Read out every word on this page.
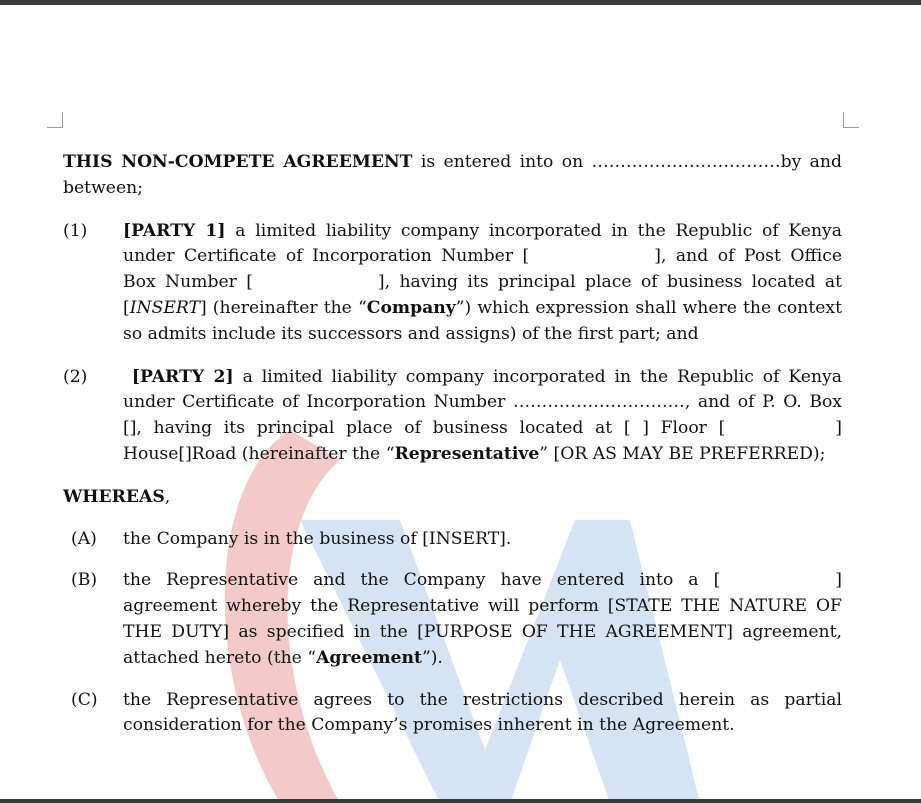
THIS NON-COMPETE AGREEMENT is entered into on ……………………………by and between;

(1) [PARTY 1] a limited liability company incorporated in the Republic of Kenya under Certificate of Incorporation Number [	], and of Post Office Box Number [	], having its principal place of business located at [INSERT] (hereinafter the “Company”) which expression shall where the context so admits include its successors and assigns) of the first part; and

(2)	[PARTY 2] a limited liability company incorporated in the Republic of Kenya under Certificate of Incorporation Number …………………………, and of P. O. Box [], having its principal place of business located at [ ] Floor [	] House[]Road (hereinafter the “Representative” [OR AS MAY BE PREFERRED);

WHEREAS,

(A) the Company is in the business of [INSERT].

(B) the Representative and the Company have entered into a [	] agreement whereby the Representative will perform [STATE THE NATURE OF THE DUTY] as specified in the [PURPOSE OF THE AGREEMENT] agreement, attached hereto (the “Agreement”).

(C) the Representative agrees to the restrictions described herein as partial consideration for the Company’s promises inherent in the Agreement.
